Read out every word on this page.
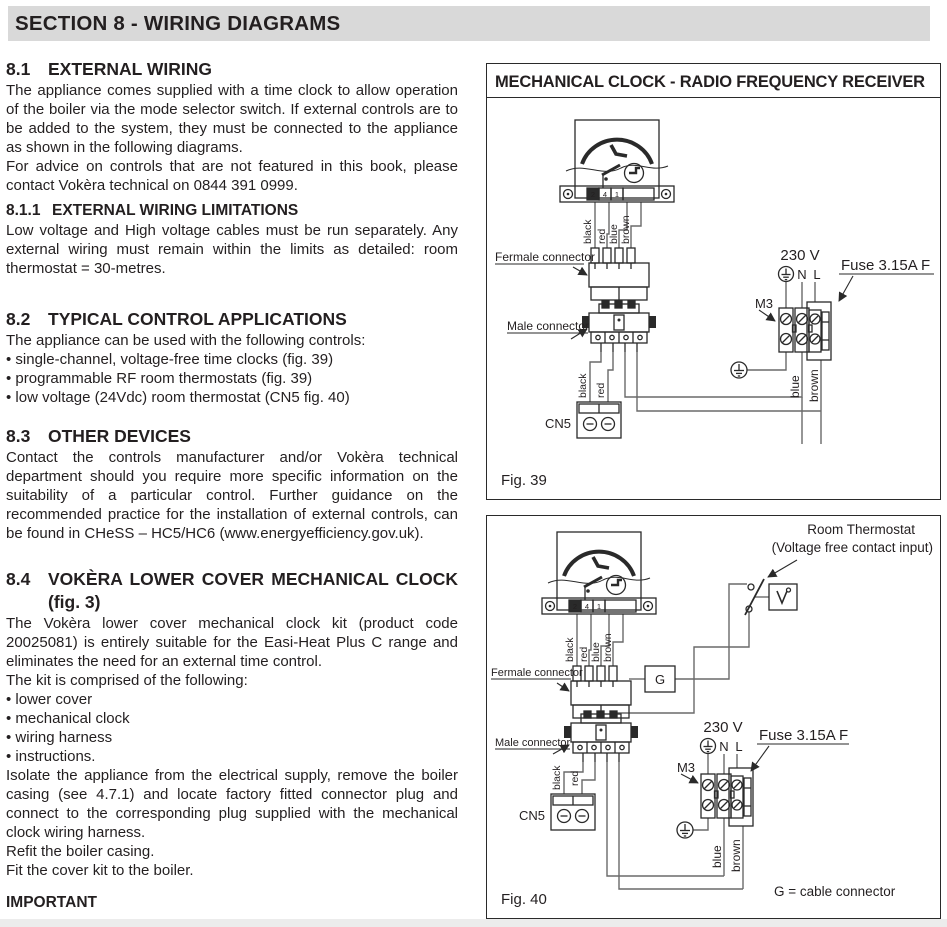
SECTION 8 - WIRING DIAGRAMS
8.1	EXTERNAL WIRING

The appliance comes supplied with a time clock to allow operation of the boiler via the mode selector switch. If external controls are to be added to the system, they must be connected to the appliance as shown in the following diagrams.

For advice on controls that are not featured in this book, please contact Vokèra technical on 0844 391 0999.

8.1.1 EXTERNAL WIRING LIMITATIONS

Low voltage and High voltage cables must be run separately. Any external wiring must remain within the limits as detailed: room thermostat = 30-metres.

8.2	TYPICAL CONTROL APPLICATIONS

The appliance can be used with the following controls:

• single-channel, voltage-free time clocks (fig. 39)

• programmable RF room thermostats (fig. 39)

• low voltage (24Vdc) room thermostat (CN5 fig. 40)

8.3	OTHER DEVICES

Contact the controls manufacturer and/or Vokèra technical department should you require more specific information on the suitability of a particular control. Further guidance on the recommended practice for the installation of external controls, can be found in CHeSS – HC5/HC6 (www.energyefficiency.gov.uk).

8.4	VOKÈRA LOWER COVER MECHANICAL CLOCK (fig. 3)

The Vokèra lower cover mechanical clock kit (product code 20025081) is entirely suitable for the Easi-Heat Plus C range and eliminates the need for an external time control.

The kit is comprised of the following:

• lower cover

• mechanical clock

• wiring harness

• instructions.

Isolate the appliance from the electrical supply, remove the boiler casing (see 4.7.1) and locate factory fitted connector plug and connect to the corresponding plug supplied with the mechanical clock wiring harness.

Refit the boiler casing.

Fit the cover kit to the boiler.

IMPORTANT
MECHANICAL CLOCK - RADIO FREQUENCY RECEIVER
2 4 1
black red blue brown
Fermale connector
Male connector
black red
CN5
230 V
N L
M3
Fuse 3.15A F
blue brown
Fig. 39
Room Thermostat
(Voltage free contact input)
2 4 1
black red blue brown
Fermale connector
Male connector
G
black red
CN5
230 V
N L
M3
Fuse 3.15A F
blue brown
G = cable connector
Fig. 40
